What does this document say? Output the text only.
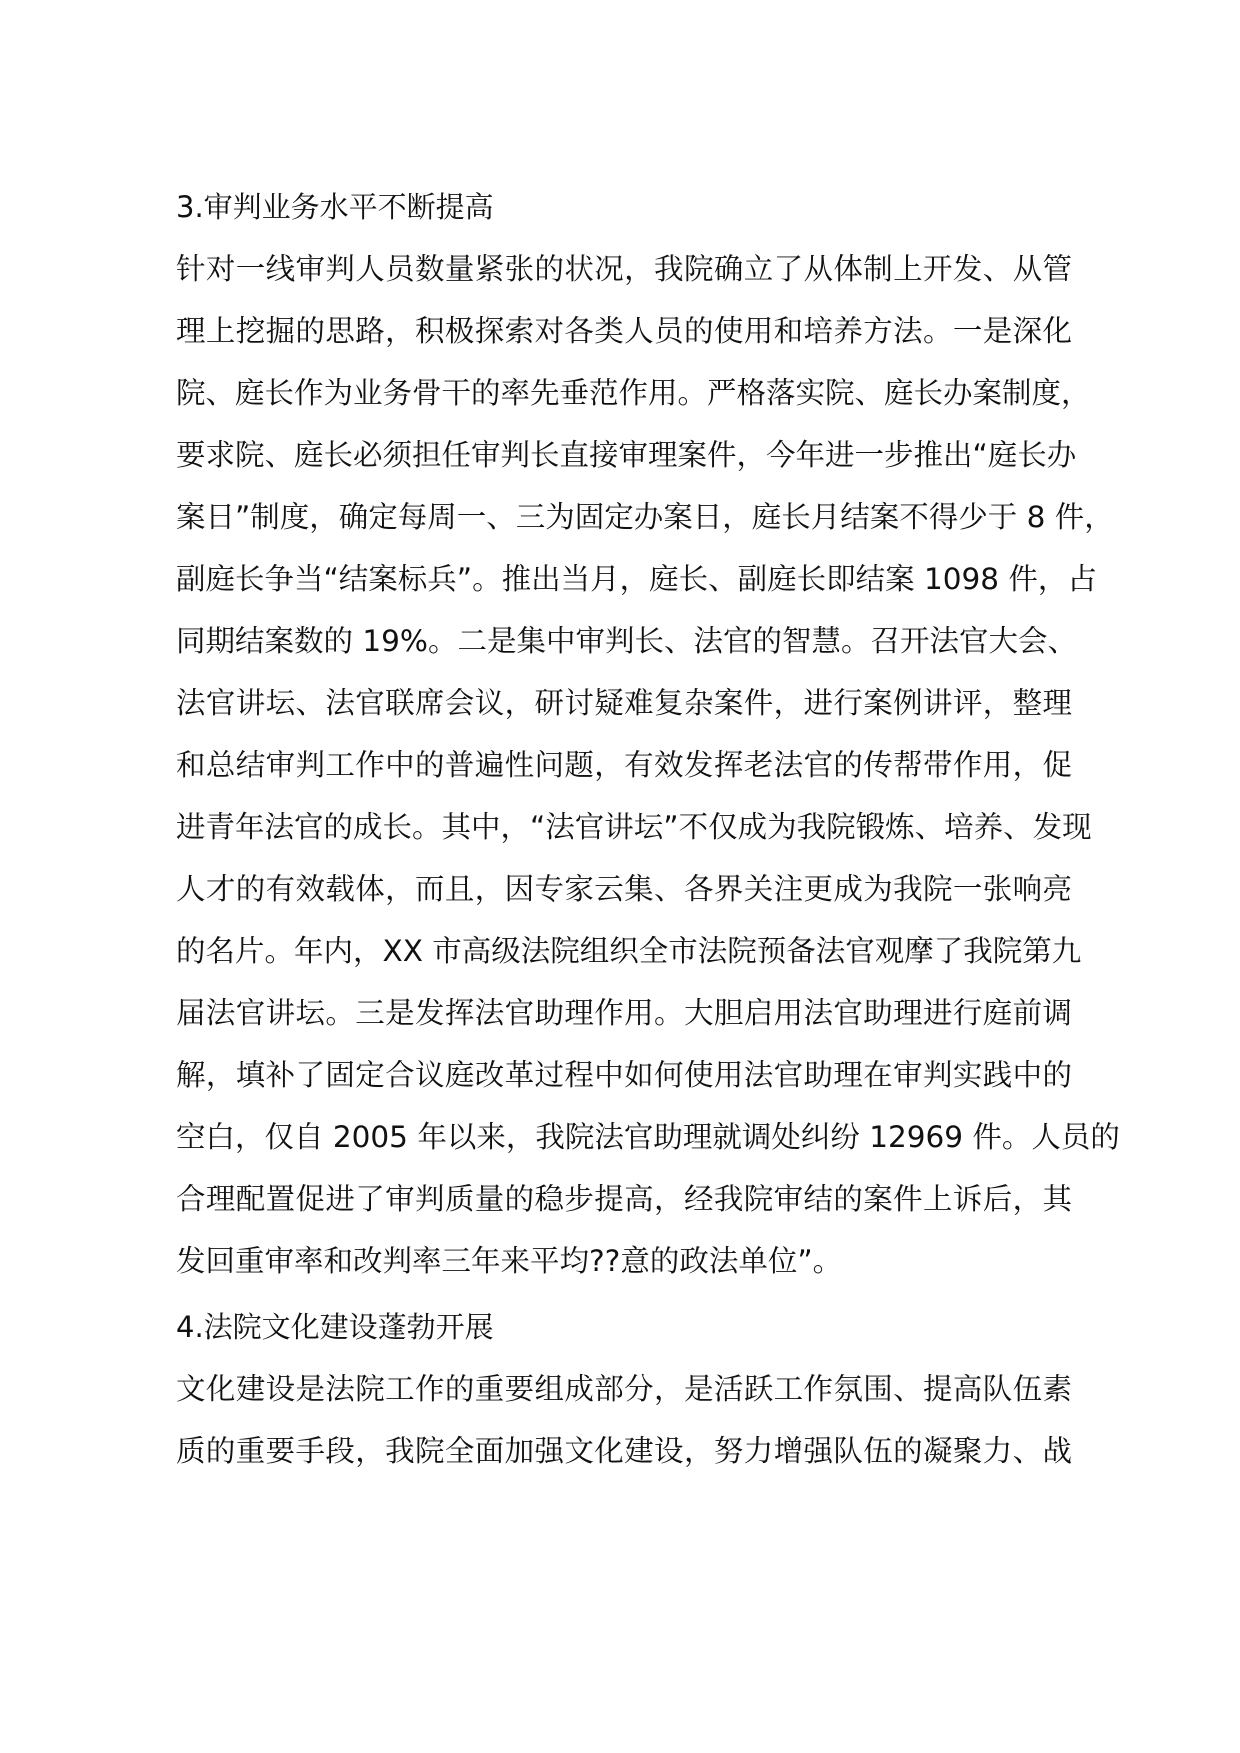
3.审判业务水平不断提高
针对一线审判人员数量紧张的状况，我院确立了从体制上开发、从管
理上挖掘的思路，积极探索对各类人员的使用和培养方法。一是深化
院、庭长作为业务骨干的率先垂范作用。严格落实院、庭长办案制度，
要求院、庭长必须担任审判长直接审理案件，今年进一步推出“庭长办
案日”制度，确定每周一、三为固定办案日，庭长月结案不得少于 8 件，
副庭长争当“结案标兵”。推出当月，庭长、副庭长即结案 1098 件，占
同期结案数的 19%。二是集中审判长、法官的智慧。召开法官大会、
法官讲坛、法官联席会议，研讨疑难复杂案件，进行案例讲评，整理
和总结审判工作中的普遍性问题，有效发挥老法官的传帮带作用，促
进青年法官的成长。其中，“法官讲坛”不仅成为我院锻炼、培养、发现
人才的有效载体，而且，因专家云集、各界关注更成为我院一张响亮
的名片。年内，XX 市高级法院组织全市法院预备法官观摩了我院第九
届法官讲坛。三是发挥法官助理作用。大胆启用法官助理进行庭前调
解，填补了固定合议庭改革过程中如何使用法官助理在审判实践中的
空白，仅自 2005 年以来，我院法官助理就调处纠纷 12969 件。人员的
合理配置促进了审判质量的稳步提高，经我院审结的案件上诉后，其
发回重审率和改判率三年来平均??意的政法单位”。
4.法院文化建设蓬勃开展
文化建设是法院工作的重要组成部分，是活跃工作氛围、提高队伍素
质的重要手段，我院全面加强文化建设，努力增强队伍的凝聚力、战
